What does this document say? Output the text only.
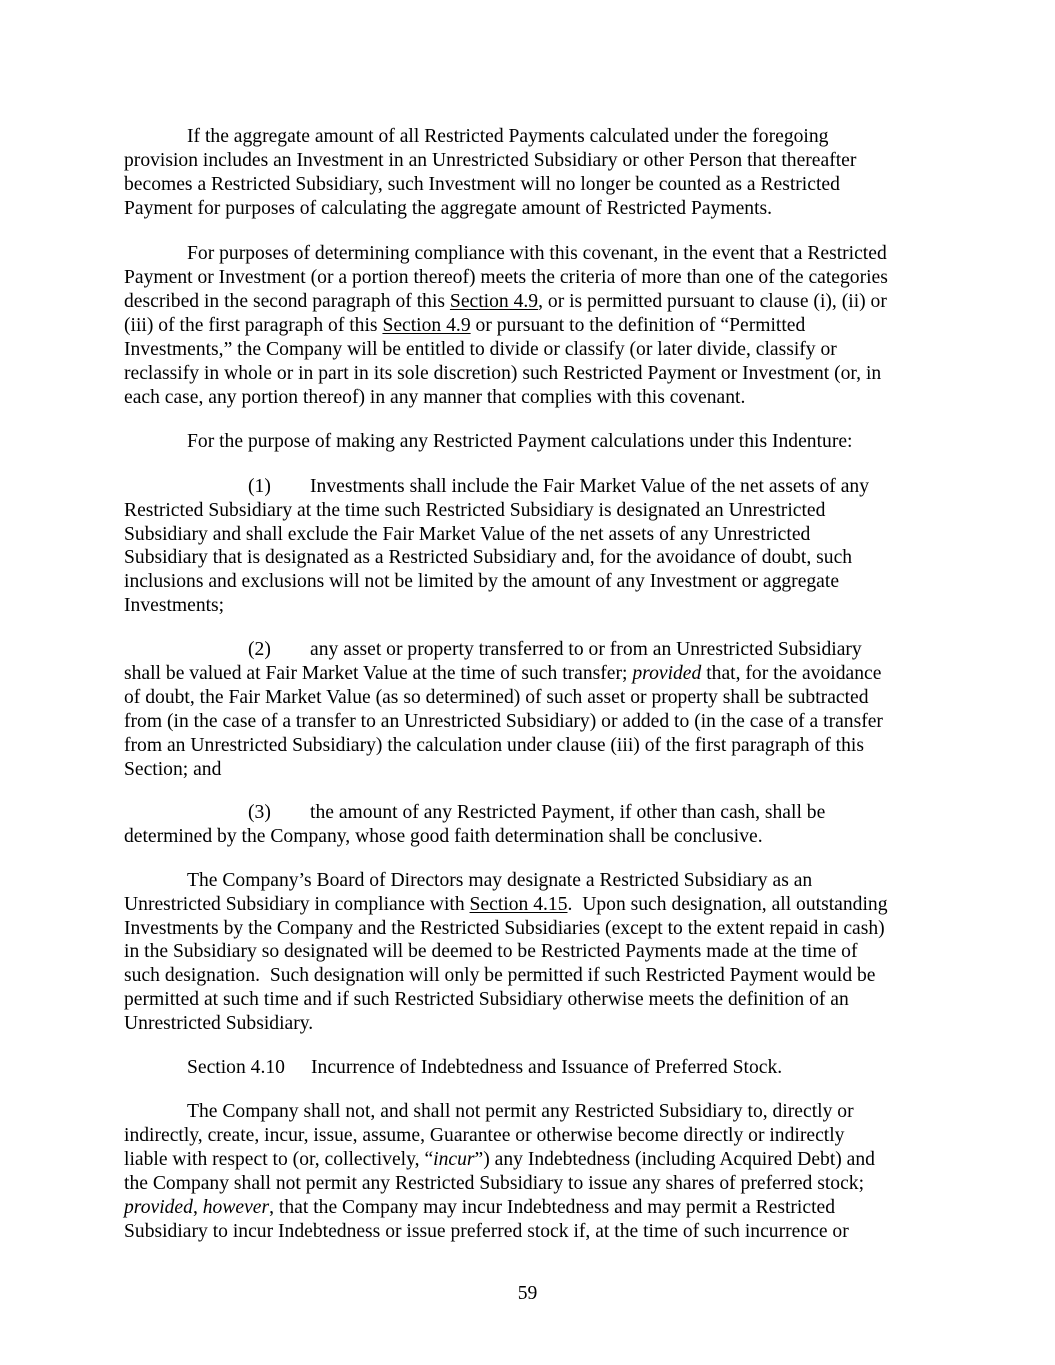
If the aggregate amount of all Restricted Payments calculated under the foregoing
provision includes an Investment in an Unrestricted Subsidiary or other Person that thereafter
becomes a Restricted Subsidiary, such Investment will no longer be counted as a Restricted
Payment for purposes of calculating the aggregate amount of Restricted Payments.
For purposes of determining compliance with this covenant, in the event that a Restricted
Payment or Investment (or a portion thereof) meets the criteria of more than one of the categories
described in the second paragraph of this Section 4.9, or is permitted pursuant to clause (i), (ii) or
(iii) of the first paragraph of this Section 4.9 or pursuant to the definition of “Permitted
Investments,” the Company will be entitled to divide or classify (or later divide, classify or
reclassify in whole or in part in its sole discretion) such Restricted Payment or Investment (or, in
each case, any portion thereof) in any manner that complies with this covenant.
For the purpose of making any Restricted Payment calculations under this Indenture:
(1) Investments shall include the Fair Market Value of the net assets of any
Restricted Subsidiary at the time such Restricted Subsidiary is designated an Unrestricted
Subsidiary and shall exclude the Fair Market Value of the net assets of any Unrestricted
Subsidiary that is designated as a Restricted Subsidiary and, for the avoidance of doubt, such
inclusions and exclusions will not be limited by the amount of any Investment or aggregate
Investments;
(2) any asset or property transferred to or from an Unrestricted Subsidiary
shall be valued at Fair Market Value at the time of such transfer; provided that, for the avoidance
of doubt, the Fair Market Value (as so determined) of such asset or property shall be subtracted
from (in the case of a transfer to an Unrestricted Subsidiary) or added to (in the case of a transfer
from an Unrestricted Subsidiary) the calculation under clause (iii) of the first paragraph of this
Section; and
(3) the amount of any Restricted Payment, if other than cash, shall be
determined by the Company, whose good faith determination shall be conclusive.
The Company’s Board of Directors may designate a Restricted Subsidiary as an
Unrestricted Subsidiary in compliance with Section 4.15.  Upon such designation, all outstanding
Investments by the Company and the Restricted Subsidiaries (except to the extent repaid in cash)
in the Subsidiary so designated will be deemed to be Restricted Payments made at the time of
such designation.  Such designation will only be permitted if such Restricted Payment would be
permitted at such time and if such Restricted Subsidiary otherwise meets the definition of an
Unrestricted Subsidiary.
Section 4.10 Incurrence of Indebtedness and Issuance of Preferred Stock.
The Company shall not, and shall not permit any Restricted Subsidiary to, directly or
indirectly, create, incur, issue, assume, Guarantee or otherwise become directly or indirectly
liable with respect to (or, collectively, “incur”) any Indebtedness (including Acquired Debt) and
the Company shall not permit any Restricted Subsidiary to issue any shares of preferred stock;
provided, however, that the Company may incur Indebtedness and may permit a Restricted
Subsidiary to incur Indebtedness or issue preferred stock if, at the time of such incurrence or
59
